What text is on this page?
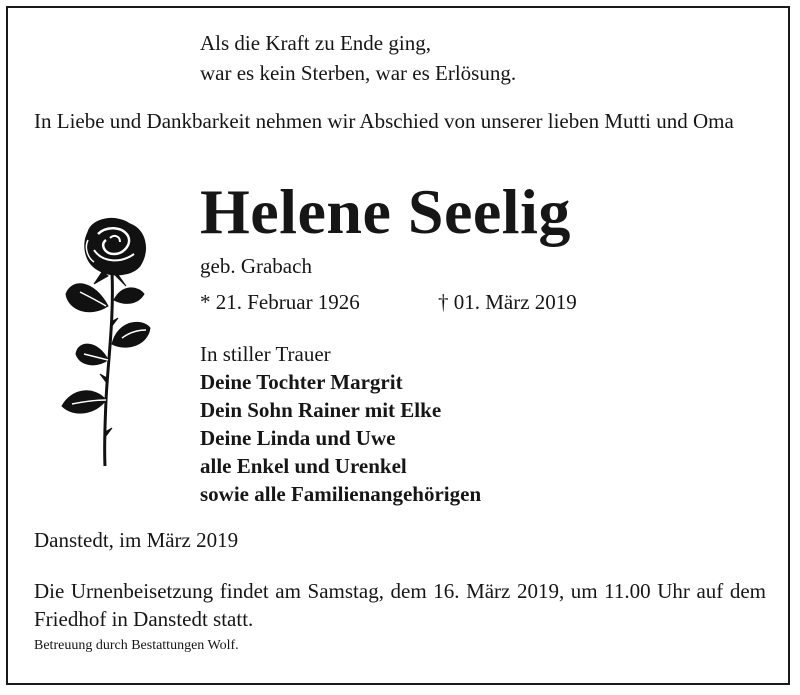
Als die Kraft zu Ende ging,
war es kein Sterben, war es Erlösung.
In Liebe und Dankbarkeit nehmen wir Abschied von unserer lieben Mutti und Oma
Helene Seelig
geb. Grabach
* 21. Februar 1926	† 01. März 2019
In stiller Trauer
Deine Tochter Margrit
Dein Sohn Rainer mit Elke
Deine Linda und Uwe
alle Enkel und Urenkel
sowie alle Familienangehörigen
Danstedt, im März 2019
Die Urnenbeisetzung findet am Samstag, dem 16. März 2019, um 11.00 Uhr auf dem Friedhof in Danstedt statt.
Betreuung durch Bestattungen Wolf.
